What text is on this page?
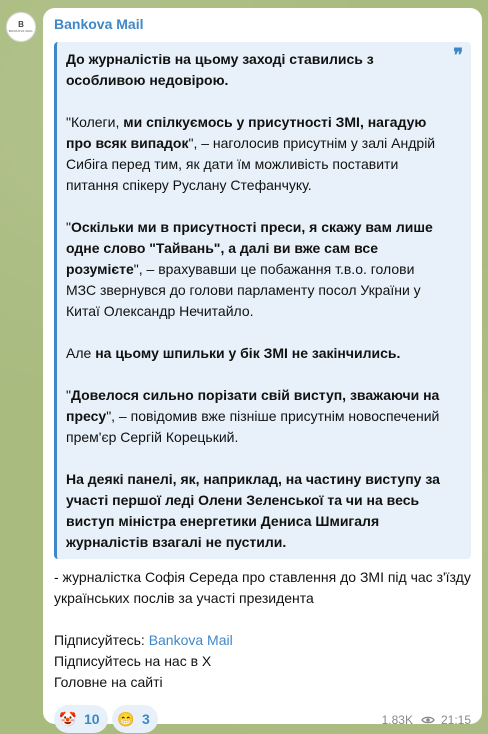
B
BANKOVA MAIL Bankova Mail
❞

До журналістів на цьому заході ставились з особливою недовірою.

"Колеги, ми спілкуємось у присутності ЗМІ, нагадую про всяк випадок", – наголосив присутнім у залі Андрій Сибіга перед тим, як дати їм можливість поставити питання спікеру Руслану Стефанчуку.

"Оскільки ми в присутності преси, я скажу вам лише одне слово "Тайвань", а далі ви вже сам все розумієте", – врахувавши це побажання т.в.о. голови МЗС звернувся до голови парламенту посол України у Китаї Олександр Нечитайло.

Але на цьому шпильки у бік ЗМІ не закінчились.

"Довелося сильно порізати свій виступ, зважаючи на пресу", – повідомив вже пізніше присутнім новоспечений прем'єр Сергій Корецький.

На деякі панелі, як, наприклад, на частину виступу за участі першої леді Олени Зеленської та чи на весь виступ міністра енергетики Дениса Шмигаля журналістів взагалі не пустили.

- журналістка Софія Середа про ставлення до ЗМІ під час з'їзду українських послів за участі президента

Підписуйтесь: Bankova Mail
Підписуйтесь на нас в X
Головне на сайті
🤡 10 😁 3	1.83K 21:15
